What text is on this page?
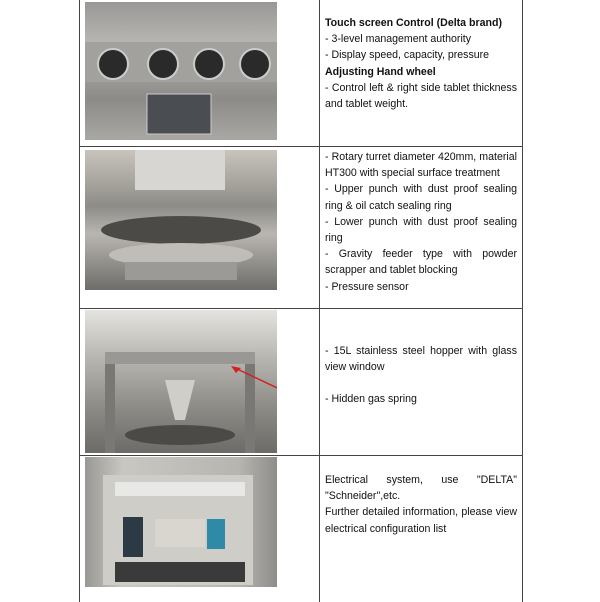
Touch screen Control (Delta brand)

- 3-level management authority

- Display speed, capacity, pressure

Adjusting Hand wheel

- Control left & right side tablet thickness and tablet weight.

- Rotary turret diameter 420mm, material HT300 with special surface treatment

- Upper punch with dust proof sealing ring & oil catch sealing ring

- Lower punch with dust proof sealing ring

- Gravity feeder type with powder scrapper and tablet blocking

- Pressure sensor

- 15L stainless steel hopper with glass view window

- Hidden gas spring

Electrical system, use "DELTA" "Schneider",etc.

Further detailed information, please view electrical configuration list
